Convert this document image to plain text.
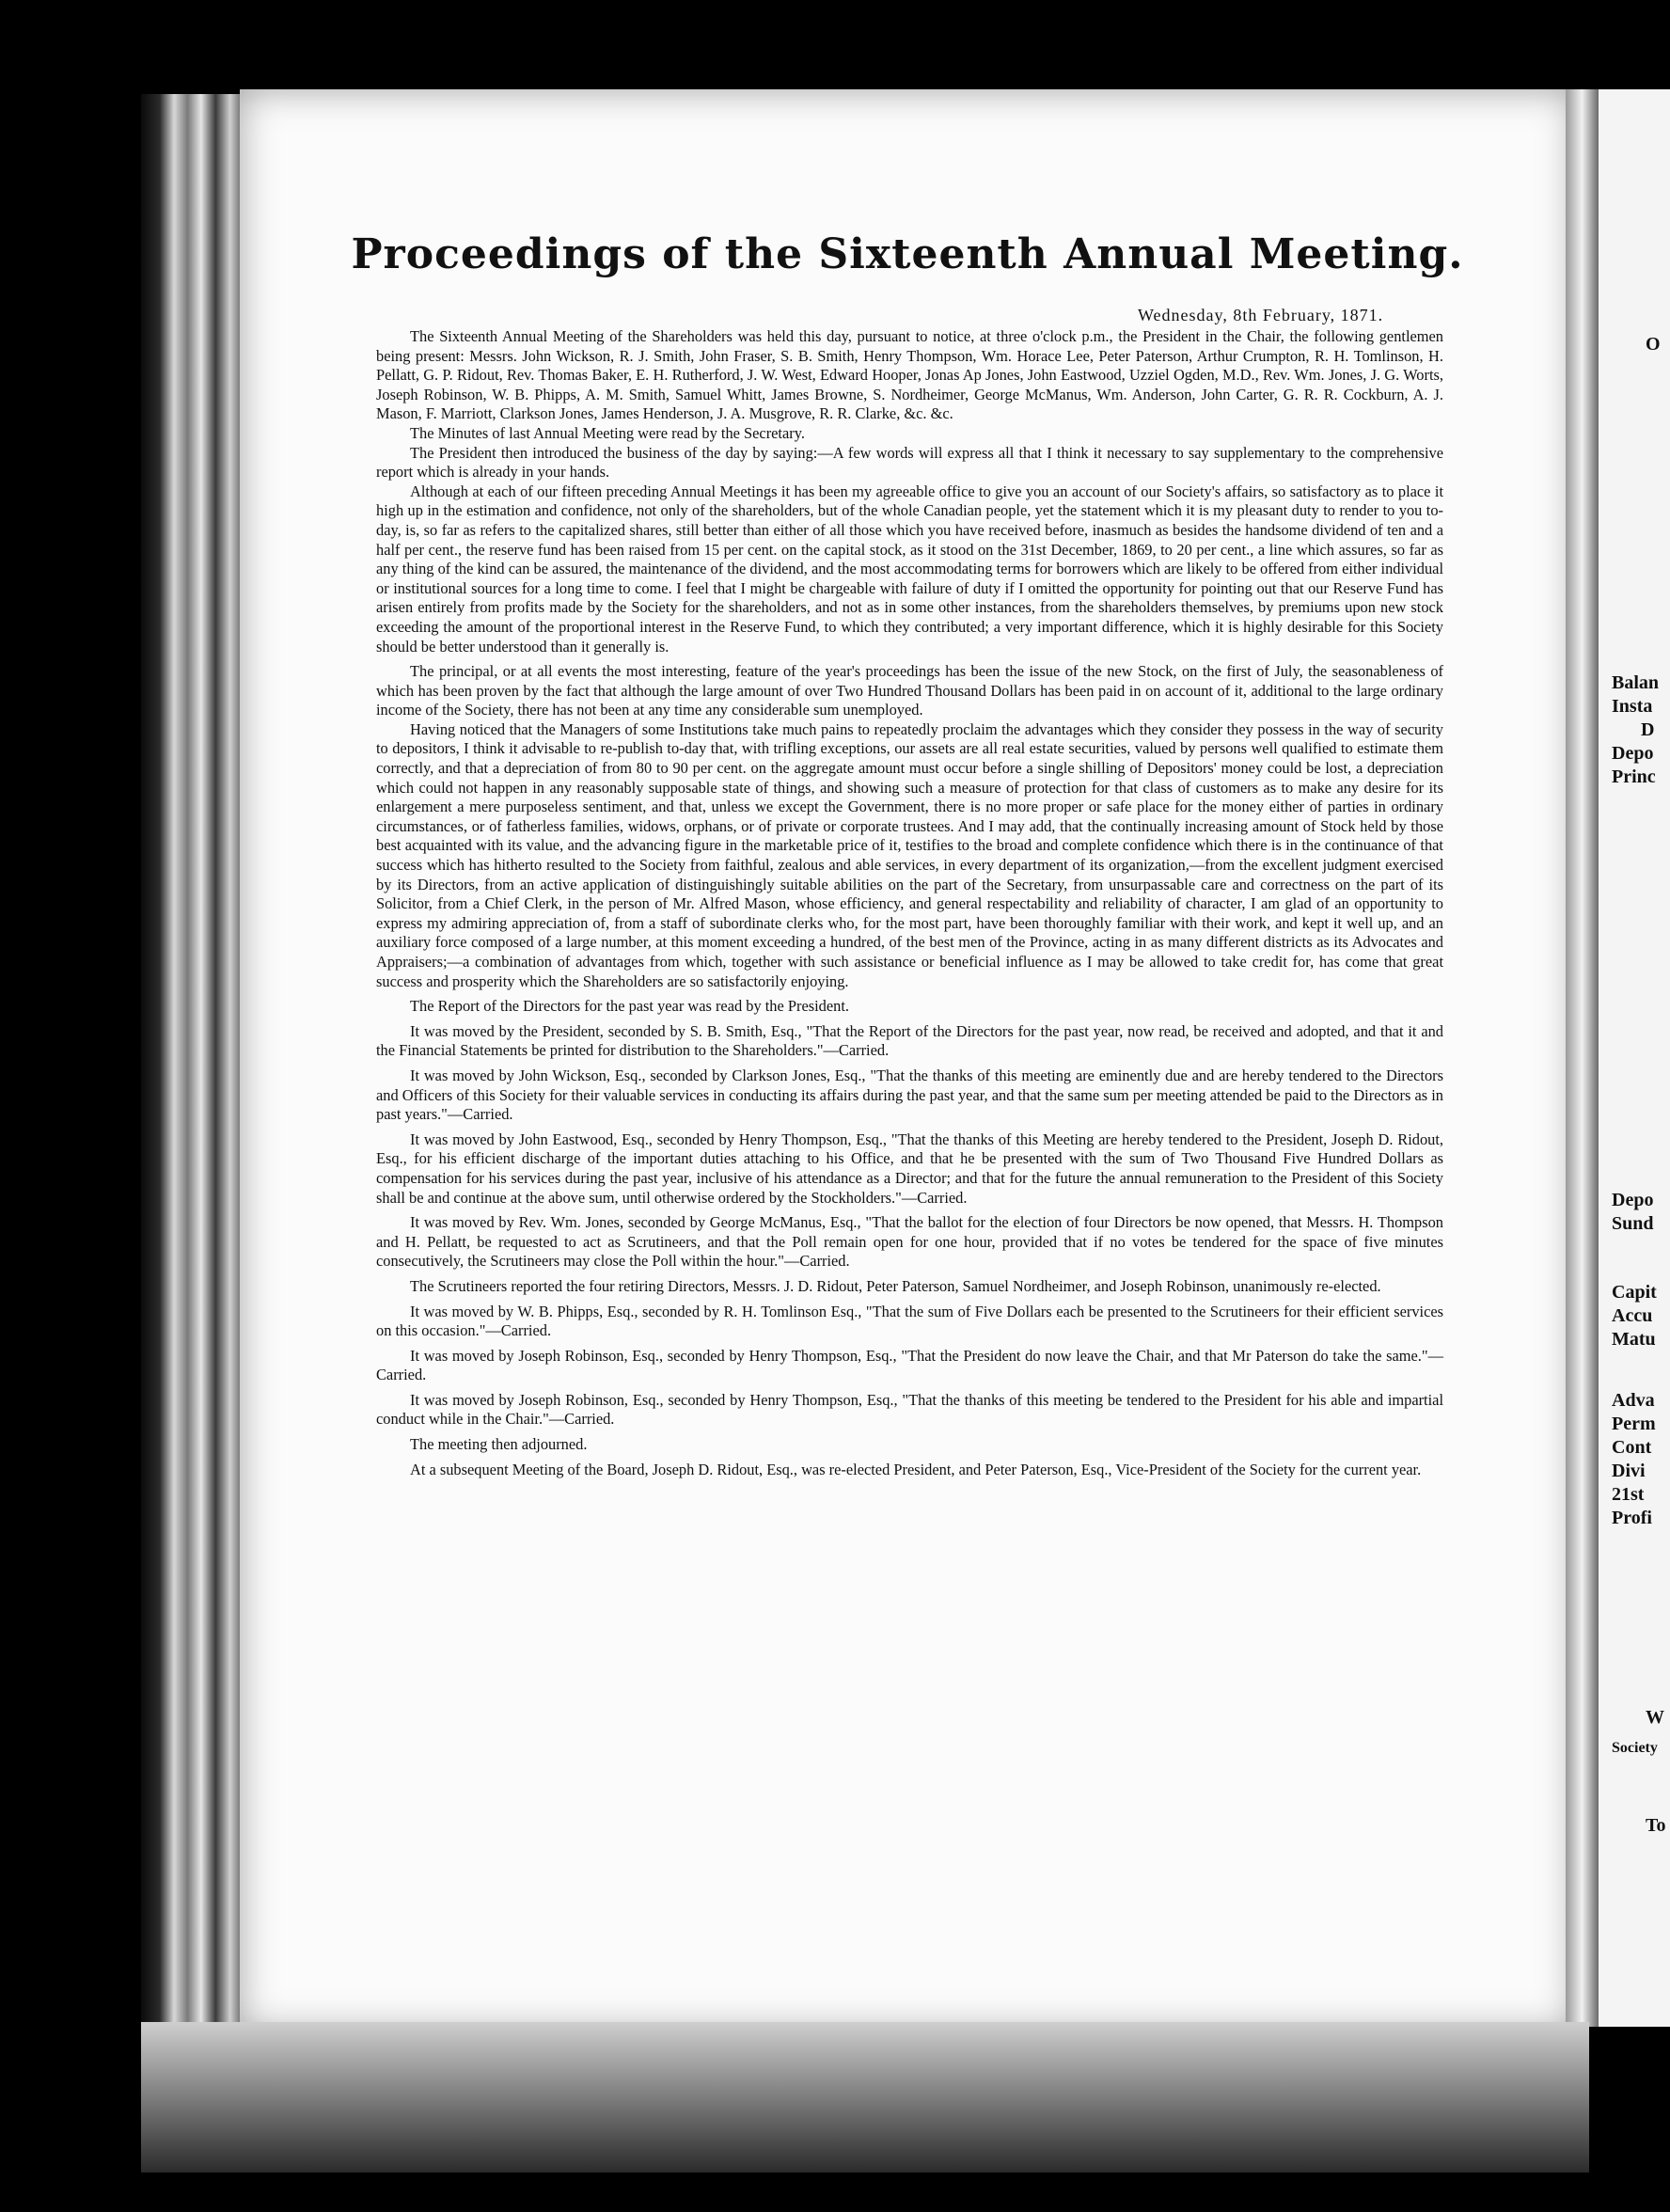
O
Balan
Insta
D
Depo
Princ
Depo
Sund
Capit
Accu
Matu
Adva
Perm
Cont
Divi
21st
Profi
W
Society
To
Proceedings of the Sixteenth Annual Meeting.
Wednesday, 8th February, 1871.

The Sixteenth Annual Meeting of the Shareholders was held this day, pursuant to notice, at three o'clock p.m., the President in the Chair, the following gentlemen being present: Messrs. John Wickson, R. J. Smith, John Fraser, S. B. Smith, Henry Thompson, Wm. Horace Lee, Peter Paterson, Arthur Crumpton, R. H. Tomlinson, H. Pellatt, G. P. Ridout, Rev. Thomas Baker, E. H. Rutherford, J. W. West, Edward Hooper, Jonas Ap Jones, John Eastwood, Uzziel Ogden, M.D., Rev. Wm. Jones, J. G. Worts, Joseph Robinson, W. B. Phipps, A. M. Smith, Samuel Whitt, James Browne, S. Nordheimer, George McManus, Wm. Anderson, John Carter, G. R. R. Cockburn, A. J. Mason, F. Marriott, Clarkson Jones, James Henderson, J. A. Musgrove, R. R. Clarke, &c. &c.

The Minutes of last Annual Meeting were read by the Secretary.

The President then introduced the business of the day by saying:—A few words will express all that I think it necessary to say supplementary to the comprehensive report which is already in your hands.

Although at each of our fifteen preceding Annual Meetings it has been my agreeable office to give you an account of our Society's affairs, so satisfactory as to place it high up in the estimation and confidence, not only of the shareholders, but of the whole Canadian people, yet the statement which it is my pleasant duty to render to you to-day, is, so far as refers to the capitalized shares, still better than either of all those which you have received before, inasmuch as besides the handsome dividend of ten and a half per cent., the reserve fund has been raised from 15 per cent. on the capital stock, as it stood on the 31st December, 1869, to 20 per cent., a line which assures, so far as any thing of the kind can be assured, the maintenance of the dividend, and the most accommodating terms for borrowers which are likely to be offered from either individual or institutional sources for a long time to come. I feel that I might be chargeable with failure of duty if I omitted the opportunity for pointing out that our Reserve Fund has arisen entirely from profits made by the Society for the shareholders, and not as in some other instances, from the shareholders themselves, by premiums upon new stock exceeding the amount of the proportional interest in the Reserve Fund, to which they contributed; a very important difference, which it is highly desirable for this Society should be better understood than it generally is.

The principal, or at all events the most interesting, feature of the year's proceedings has been the issue of the new Stock, on the first of July, the seasonableness of which has been proven by the fact that although the large amount of over Two Hundred Thousand Dollars has been paid in on account of it, additional to the large ordinary income of the Society, there has not been at any time any considerable sum unemployed.

Having noticed that the Managers of some Institutions take much pains to repeatedly proclaim the advantages which they consider they possess in the way of security to depositors, I think it advisable to re-publish to-day that, with trifling exceptions, our assets are all real estate securities, valued by persons well qualified to estimate them correctly, and that a depreciation of from 80 to 90 per cent. on the aggregate amount must occur before a single shilling of Depositors' money could be lost, a depreciation which could not happen in any reasonably supposable state of things, and showing such a measure of protection for that class of customers as to make any desire for its enlargement a mere purposeless sentiment, and that, unless we except the Government, there is no more proper or safe place for the money either of parties in ordinary circumstances, or of fatherless families, widows, orphans, or of private or corporate trustees. And I may add, that the continually increasing amount of Stock held by those best acquainted with its value, and the advancing figure in the marketable price of it, testifies to the broad and complete confidence which there is in the continuance of that success which has hitherto resulted to the Society from faithful, zealous and able services, in every department of its organization,—from the excellent judgment exercised by its Directors, from an active application of distinguishingly suitable abilities on the part of the Secretary, from unsurpassable care and correctness on the part of its Solicitor, from a Chief Clerk, in the person of Mr. Alfred Mason, whose efficiency, and general respectability and reliability of character, I am glad of an opportunity to express my admiring appreciation of, from a staff of subordinate clerks who, for the most part, have been thoroughly familiar with their work, and kept it well up, and an auxiliary force composed of a large number, at this moment exceeding a hundred, of the best men of the Province, acting in as many different districts as its Advocates and Appraisers;—a combination of advantages from which, together with such assistance or beneficial influence as I may be allowed to take credit for, has come that great success and prosperity which the Shareholders are so satisfactorily enjoying.

The Report of the Directors for the past year was read by the President.

It was moved by the President, seconded by S. B. Smith, Esq., "That the Report of the Directors for the past year, now read, be received and adopted, and that it and the Financial Statements be printed for distribution to the Shareholders."—Carried.

It was moved by John Wickson, Esq., seconded by Clarkson Jones, Esq., "That the thanks of this meeting are eminently due and are hereby tendered to the Directors and Officers of this Society for their valuable services in conducting its affairs during the past year, and that the same sum per meeting attended be paid to the Directors as in past years."—Carried.

It was moved by John Eastwood, Esq., seconded by Henry Thompson, Esq., "That the thanks of this Meeting are hereby tendered to the President, Joseph D. Ridout, Esq., for his efficient discharge of the important duties attaching to his Office, and that he be presented with the sum of Two Thousand Five Hundred Dollars as compensation for his services during the past year, inclusive of his attendance as a Director; and that for the future the annual remuneration to the President of this Society shall be and continue at the above sum, until otherwise ordered by the Stockholders."—Carried.

It was moved by Rev. Wm. Jones, seconded by George McManus, Esq., "That the ballot for the election of four Directors be now opened, that Messrs. H. Thompson and H. Pellatt, be requested to act as Scrutineers, and that the Poll remain open for one hour, provided that if no votes be tendered for the space of five minutes consecutively, the Scrutineers may close the Poll within the hour."—Carried.

The Scrutineers reported the four retiring Directors, Messrs. J. D. Ridout, Peter Paterson, Samuel Nordheimer, and Joseph Robinson, unanimously re-elected.

It was moved by W. B. Phipps, Esq., seconded by R. H. Tomlinson Esq., "That the sum of Five Dollars each be presented to the Scrutineers for their efficient services on this occasion."—Carried.

It was moved by Joseph Robinson, Esq., seconded by Henry Thompson, Esq., "That the President do now leave the Chair, and that Mr Paterson do take the same."—Carried.

It was moved by Joseph Robinson, Esq., seconded by Henry Thompson, Esq., "That the thanks of this meeting be tendered to the President for his able and impartial conduct while in the Chair."—Carried.

The meeting then adjourned.

At a subsequent Meeting of the Board, Joseph D. Ridout, Esq., was re-elected President, and Peter Paterson, Esq., Vice-President of the Society for the current year.
